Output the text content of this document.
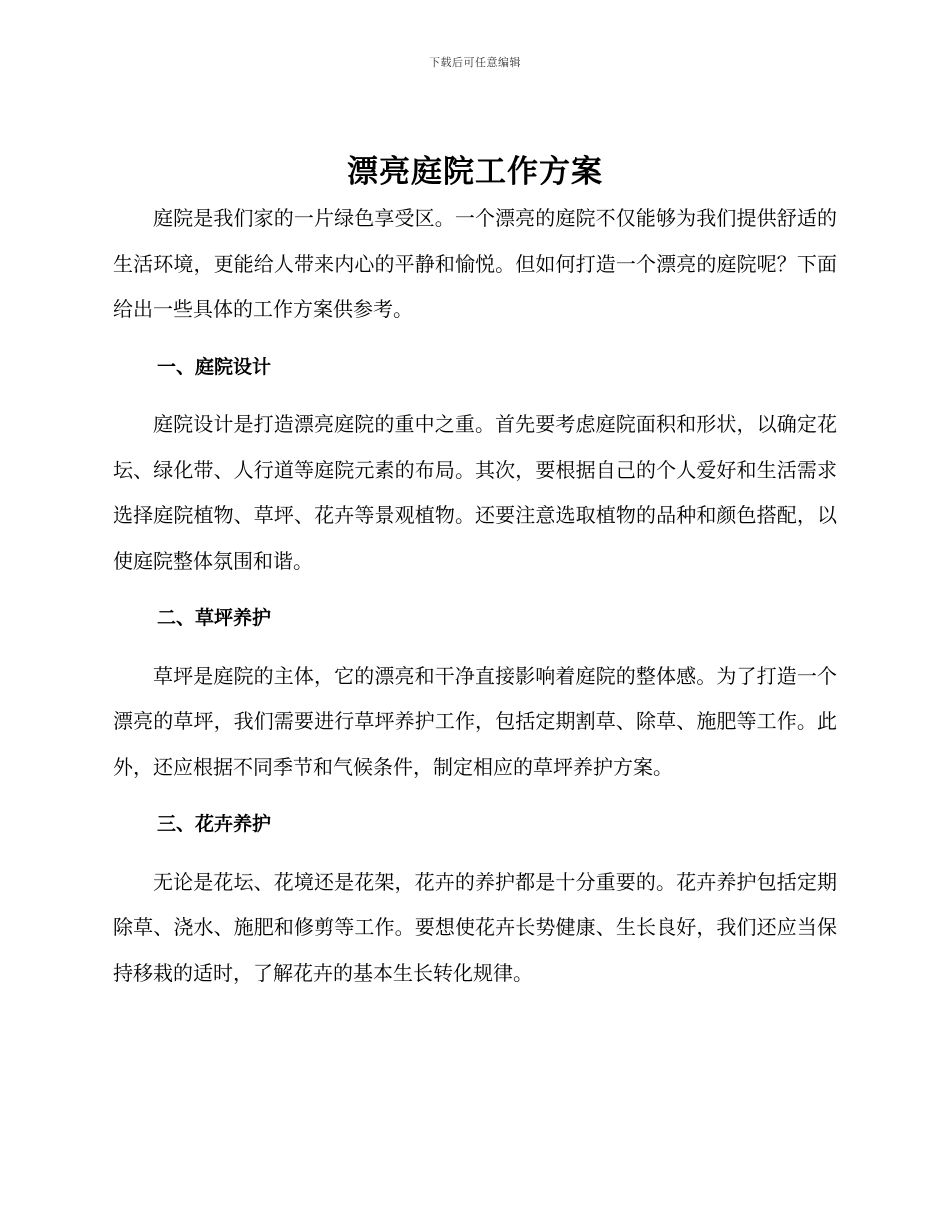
下载后可任意编辑
漂亮庭院工作方案

庭院是我们家的一片绿色享受区。一个漂亮的庭院不仅能够为我们提供舒适的生活环境，更能给人带来内心的平静和愉悦。但如何打造一个漂亮的庭院呢？下面给出一些具体的工作方案供参考。

一、庭院设计

庭院设计是打造漂亮庭院的重中之重。首先要考虑庭院面积和形状，以确定花坛、绿化带、人行道等庭院元素的布局。其次，要根据自己的个人爱好和生活需求选择庭院植物、草坪、花卉等景观植物。还要注意选取植物的品种和颜色搭配，以使庭院整体氛围和谐。

二、草坪养护

草坪是庭院的主体，它的漂亮和干净直接影响着庭院的整体感。为了打造一个漂亮的草坪，我们需要进行草坪养护工作，包括定期割草、除草、施肥等工作。此外，还应根据不同季节和气候条件，制定相应的草坪养护方案。

三、花卉养护

无论是花坛、花境还是花架，花卉的养护都是十分重要的。花卉养护包括定期除草、浇水、施肥和修剪等工作。要想使花卉长势健康、生长良好，我们还应当保持移栽的适时，了解花卉的基本生长转化规律。
